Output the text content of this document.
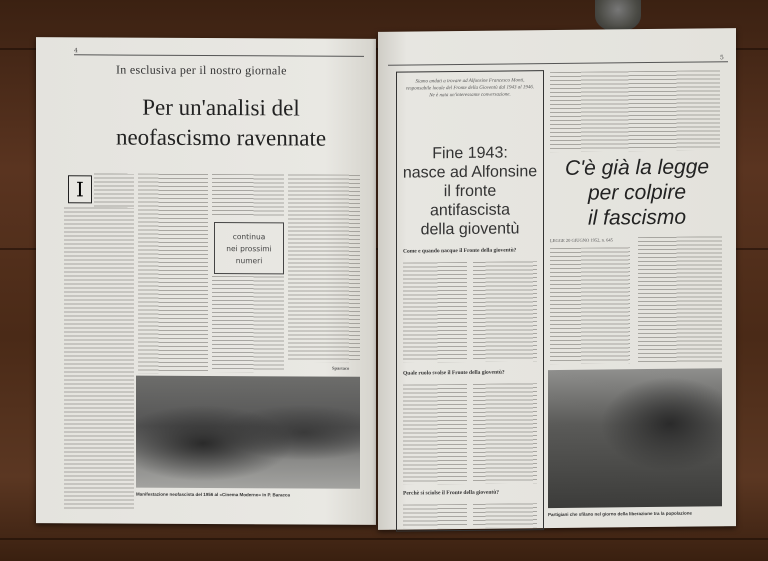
4
In esclusiva per il nostro giornale
Per un'analisi del
neofascismo ravennate
I
continua
nei prossimi
numeri
Spartaco
Manifestazione neofascista del 1956 al «Cinema Moderno» in P. Baracca
5
Siamo andati a trovare ad Alfonsine Francesco Monti, responsabile locale del Fronte della Gioventù dal 1943 al 1946. Ne è nata un'interessante conversazione.
Fine 1943:
nasce ad Alfonsine
il fronte
antifascista
della gioventù
Come e quando nacque il Fronte della gioventù?
Quale ruolo svolse il Fronte della gioventù?
Perchè si sciolse il Fronte della gioventù?
C'è già la legge
per colpire
il fascismo
LEGGE 20 GIUGNO 1952, n. 645
Partigiani che sfilano nel giorno della liberazione tra la popolazione
